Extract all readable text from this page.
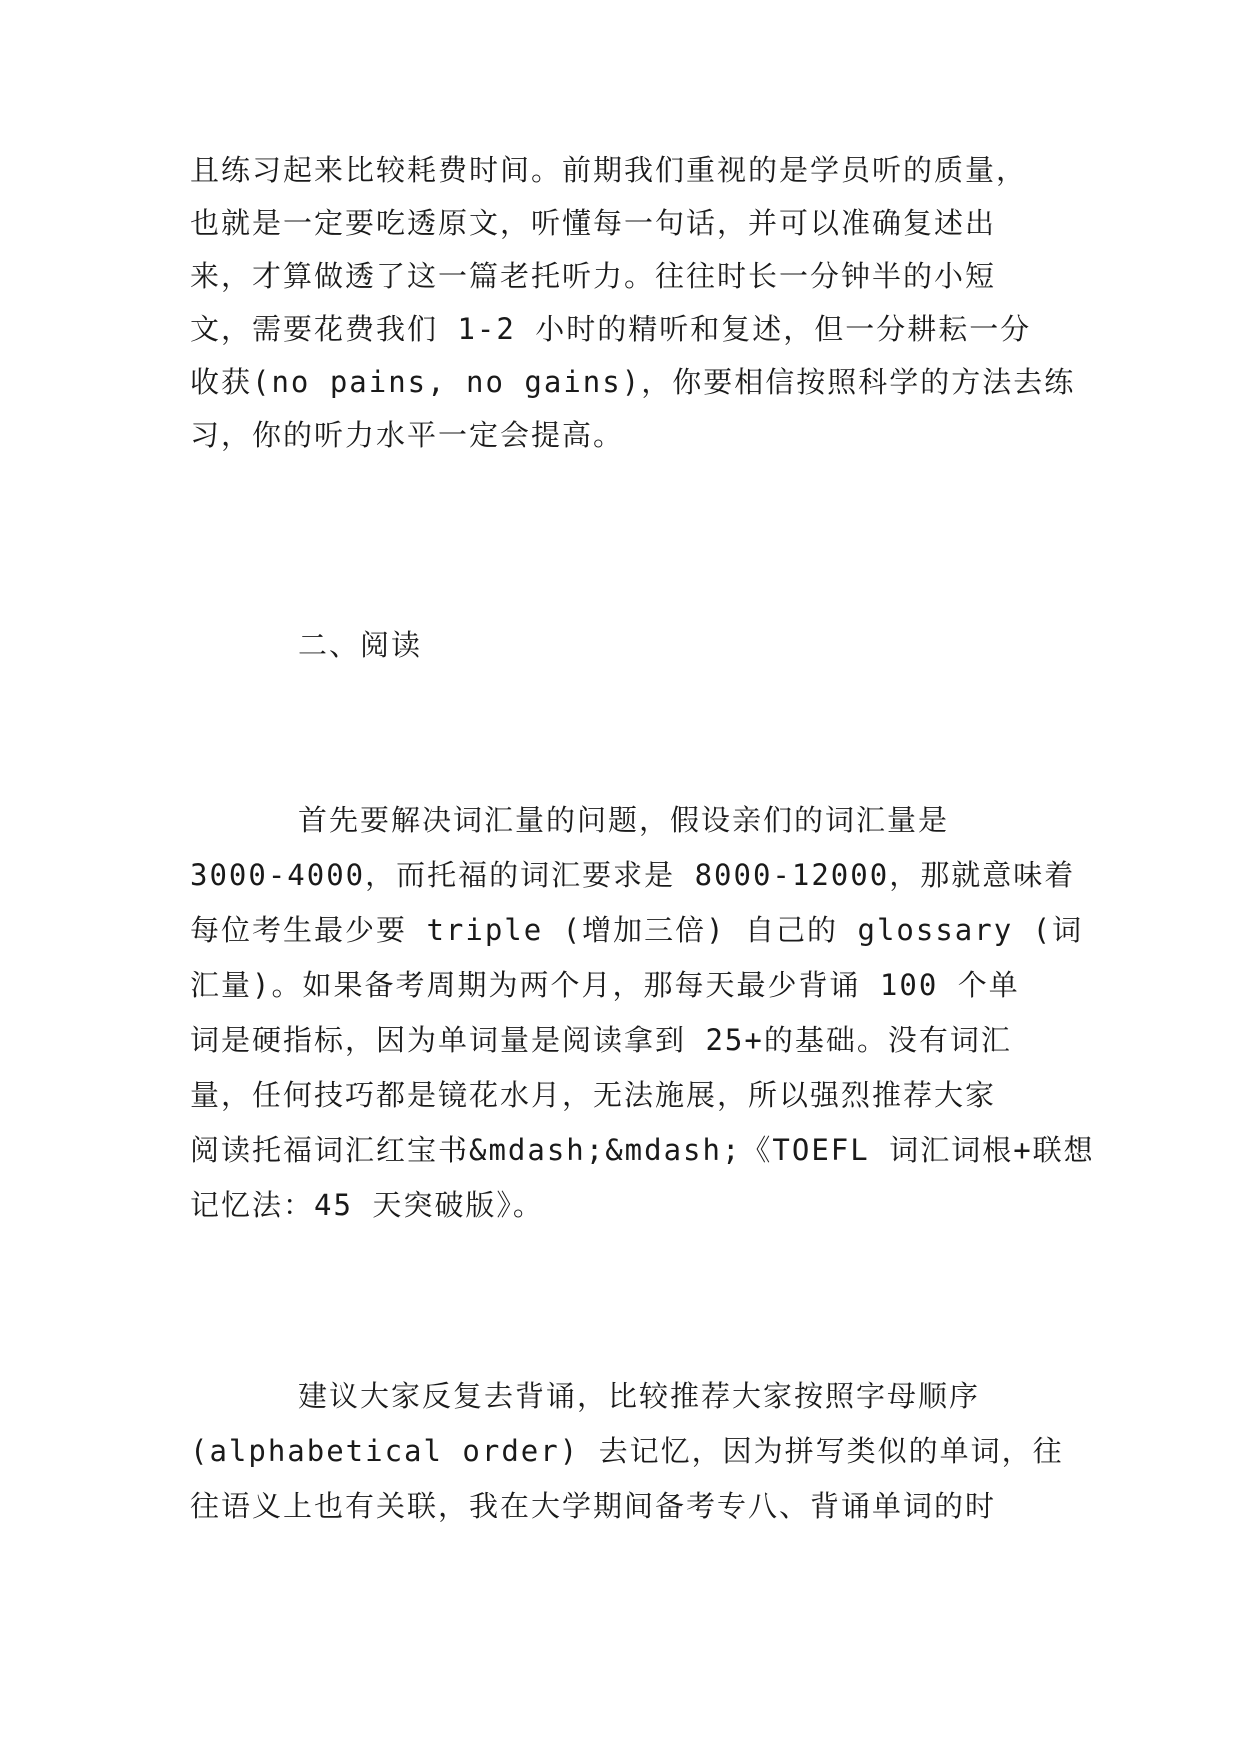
且练习起来比较耗费时间。前期我们重视的是学员听的质量，
也就是一定要吃透原文，听懂每一句话，并可以准确复述出
来，才算做透了这一篇老托听力。往往时长一分钟半的小短
文，需要花费我们 1-2 小时的精听和复述，但一分耕耘一分
收获(no pains, no gains)，你要相信按照科学的方法去练
习，你的听力水平一定会提高。
二、阅读
首先要解决词汇量的问题，假设亲们的词汇量是
3000-4000，而托福的词汇要求是 8000-12000，那就意味着
每位考生最少要 triple (增加三倍) 自己的 glossary (词
汇量)。如果备考周期为两个月，那每天最少背诵 100 个单
词是硬指标，因为单词量是阅读拿到 25+的基础。没有词汇
量，任何技巧都是镜花水月，无法施展，所以强烈推荐大家
阅读托福词汇红宝书&mdash;&mdash;《TOEFL 词汇词根+联想
记忆法：45 天突破版》。
建议大家反复去背诵，比较推荐大家按照字母顺序
(alphabetical order) 去记忆，因为拼写类似的单词，往
往语义上也有关联，我在大学期间备考专八、背诵单词的时
